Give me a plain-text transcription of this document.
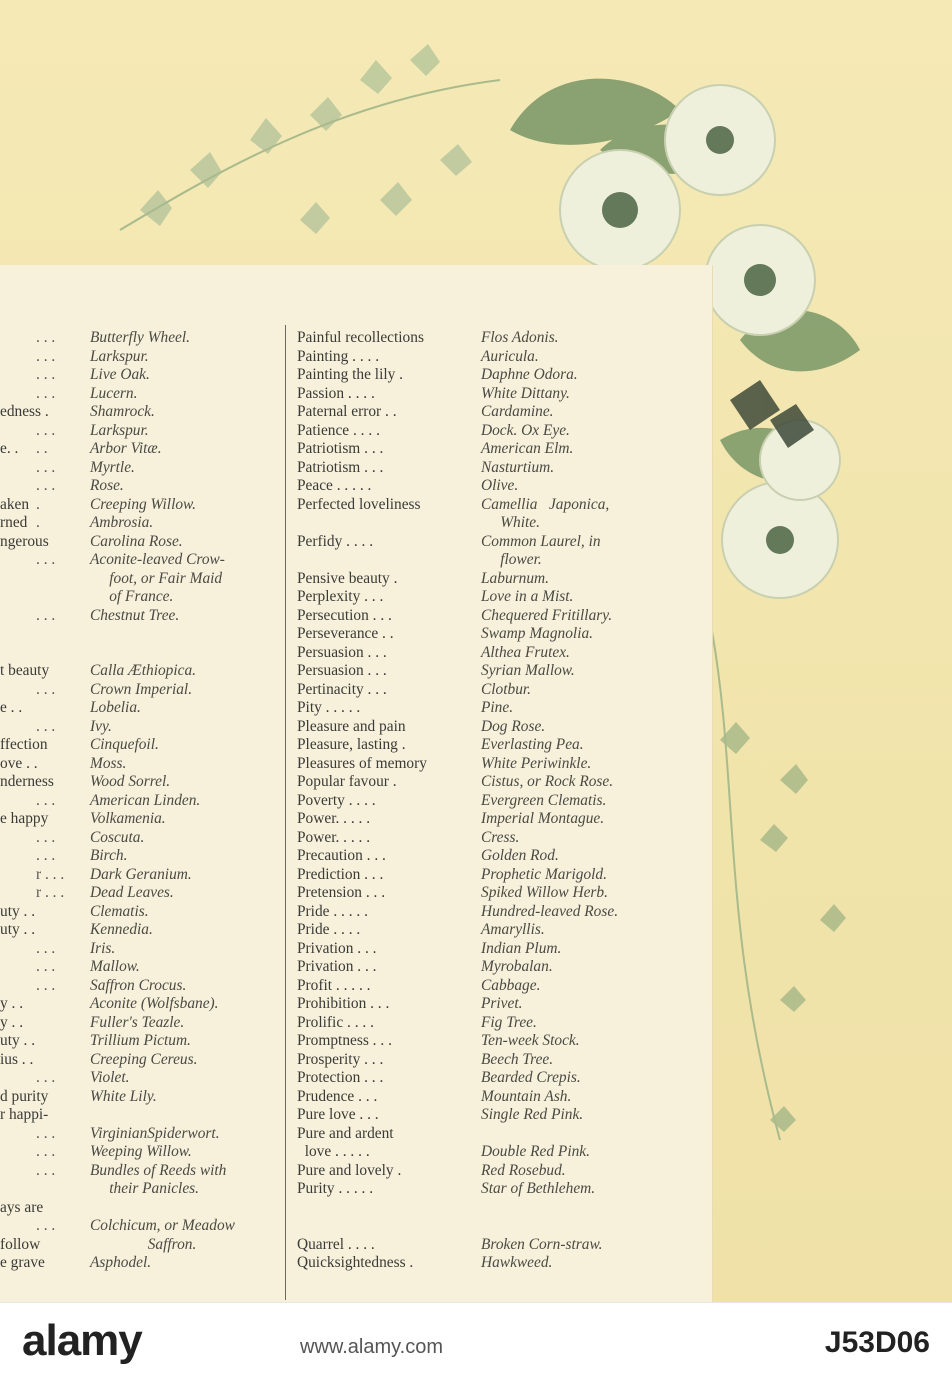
. . . Butterfly Wheel.
. . . Larkspur.
. . . Live Oak.
. . . Lucern.
edness .	Shamrock.
. . . Larkspur.
e. . . .	Arbor Vitæ.
. . . Myrtle.
. . . Rose.
aken .	Creeping Willow.
rned .	Ambrosia.
ngerous	Carolina Rose.
. . . Aconite-leaved Crow-
foot, or Fair Maid
of France.
. . . Chestnut Tree.
t beauty	Calla Æthiopica.
. . . Crown Imperial.
e . .	Lobelia.
. . . Ivy.
ffection	Cinquefoil.
ove . .	Moss.
nderness Wood Sorrel.
. . . American Linden.
e happy	Volkamenia.
. . . Coscuta.
. . . Birch.
r . . . Dark Geranium.
r . . . Dead Leaves.
uty . .	Clematis.
uty . .	Kennedia.
. . . Iris.
. . . Mallow.
. . . Saffron Crocus.
y . .	Aconite (Wolfsbane).
y . .	Fuller's Teazle.
uty . .	Trillium Pictum.
ius . .	Creeping Cereus.
. . . Violet.
d purity	White Lily.
r happi-
. . . VirginianSpiderwort.
. . . Weeping Willow.
. . . Bundles of Reeds with
their Panicles.
ays are
. . . Colchicum, or Meadow
follow	Saffron.
e grave	Asphodel.
Painful recollections	Flos Adonis.
Painting . . . .	Auricula.
Painting the lily .	Daphne Odora.
Passion . . . .	White Dittany.
Paternal error . .	Cardamine.
Patience . . . .	Dock. Ox Eye.
Patriotism . . .	American Elm.
Patriotism . . .	Nasturtium.
Peace . . . . .	Olive.
Perfected loveliness	Camellia   Japonica,
White.
Perfidy . . . .	Common Laurel, in
flower.
Pensive beauty .	Laburnum.
Perplexity . . .	Love in a Mist.
Persecution . . .	Chequered Fritillary.
Perseverance . .	Swamp Magnolia.
Persuasion . . .	Althea Frutex.
Persuasion . . .	Syrian Mallow.
Pertinacity . . .	Clotbur.
Pity . . . . .	Pine.
Pleasure and pain	Dog Rose.
Pleasure, lasting .	Everlasting Pea.
Pleasures of memory	White Periwinkle.
Popular favour .	Cistus, or Rock Rose.
Poverty . . . .	Evergreen Clematis.
Power. . . . .	Imperial Montague.
Power. . . . .	Cress.
Precaution . . .	Golden Rod.
Prediction . . .	Prophetic Marigold.
Pretension . . .	Spiked Willow Herb.
Pride . . . . .	Hundred-leaved Rose.
Pride . . . .	Amaryllis.
Privation . . .	Indian Plum.
Privation . . .	Myrobalan.
Profit . . . . .	Cabbage.
Prohibition . . .	Privet.
Prolific . . . .	Fig Tree.
Promptness . . .	Ten-week Stock.
Prosperity . . .	Beech Tree.
Protection . . .	Bearded Crepis.
Prudence . . .	Mountain Ash.
Pure love . . .	Single Red Pink.
Pure and ardent
love . . . . .	Double Red Pink.
Pure and lovely .	Red Rosebud.
Purity . . . . .	Star of Bethlehem.
Quarrel . . . .	Broken Corn-straw.
Quicksightedness .	Hawkweed.
alamy	www.alamy.com	J53D06
